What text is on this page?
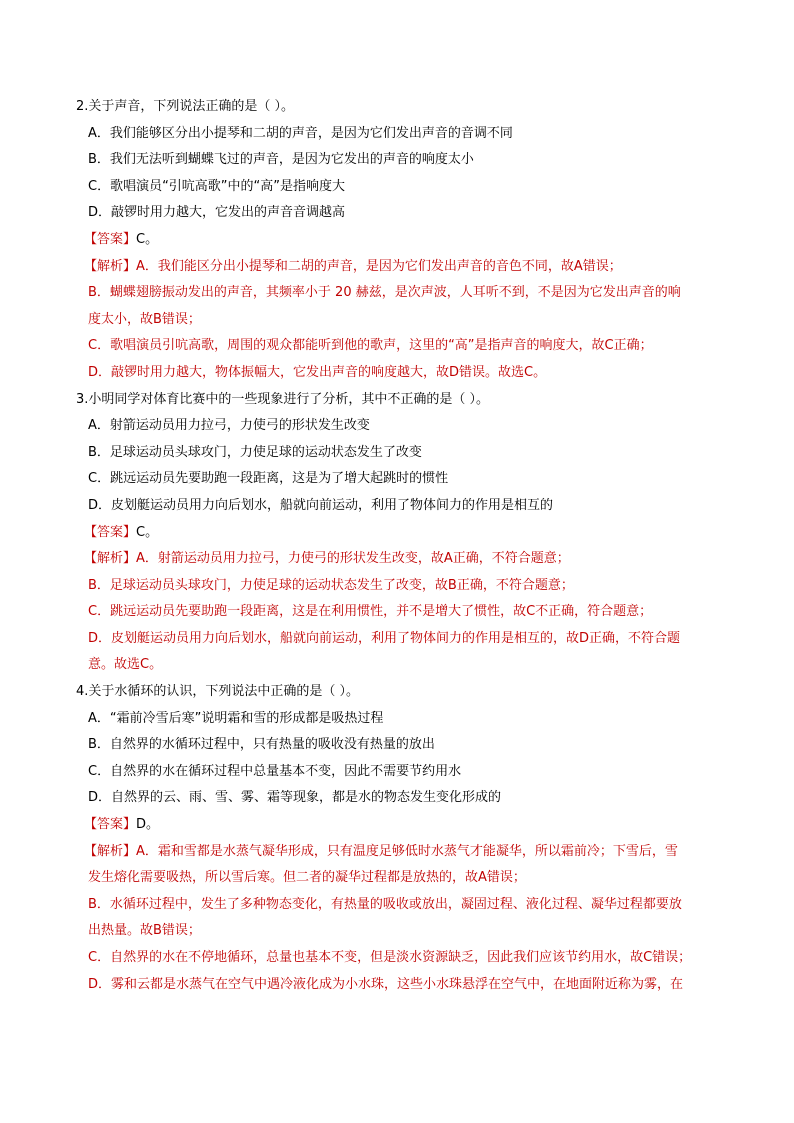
2.关于声音，下列说法正确的是（ ）。
A．我们能够区分出小提琴和二胡的声音，是因为它们发出声音的音调不同
B．我们无法听到蝴蝶飞过的声音，是因为它发出的声音的响度太小
C．歌唱演员“引吭高歌”中的“高”是指响度大
D．敲锣时用力越大，它发出的声音音调越高
【答案】C。
【解析】A．我们能区分出小提琴和二胡的声音，是因为它们发出声音的音色不同，故A错误；
B．蝴蝶翅膀振动发出的声音，其频率小于 20 赫兹，是次声波，人耳听不到，不是因为它发出声音的响
度太小，故B错误；
C．歌唱演员引吭高歌，周围的观众都能听到他的歌声，这里的“高”是指声音的响度大，故C正确；
D．敲锣时用力越大，物体振幅大，它发出声音的响度越大，故D错误。故选C。
3.小明同学对体育比赛中的一些现象进行了分析，其中不正确的是（ ）。
A．射箭运动员用力拉弓，力使弓的形状发生改变
B．足球运动员头球攻门，力使足球的运动状态发生了改变
C．跳远运动员先要助跑一段距离，这是为了增大起跳时的惯性
D．皮划艇运动员用力向后划水，船就向前运动，利用了物体间力的作用是相互的
【答案】C。
【解析】A．射箭运动员用力拉弓，力使弓的形状发生改变，故A正确，不符合题意；
B．足球运动员头球攻门，力使足球的运动状态发生了改变，故B正确，不符合题意；
C．跳远运动员先要助跑一段距离，这是在利用惯性，并不是增大了惯性，故C不正确，符合题意；
D．皮划艇运动员用力向后划水，船就向前运动，利用了物体间力的作用是相互的，故D正确，不符合题
意。故选C。
4.关于水循环的认识，下列说法中正确的是（ ）。
A．“霜前冷雪后寒”说明霜和雪的形成都是吸热过程
B．自然界的水循环过程中，只有热量的吸收没有热量的放出
C．自然界的水在循环过程中总量基本不变，因此不需要节约用水
D．自然界的云、雨、雪、雾、霜等现象，都是水的物态发生变化形成的
【答案】D。
【解析】A．霜和雪都是水蒸气凝华形成，只有温度足够低时水蒸气才能凝华，所以霜前冷；下雪后，雪
发生熔化需要吸热，所以雪后寒。但二者的凝华过程都是放热的，故A错误；
B．水循环过程中，发生了多种物态变化，有热量的吸收或放出，凝固过程、液化过程、凝华过程都要放
出热量。故B错误；
C．自然界的水在不停地循环，总量也基本不变，但是淡水资源缺乏，因此我们应该节约用水，故C错误；
D．雾和云都是水蒸气在空气中遇冷液化成为小水珠，这些小水珠悬浮在空气中，在地面附近称为雾，在
